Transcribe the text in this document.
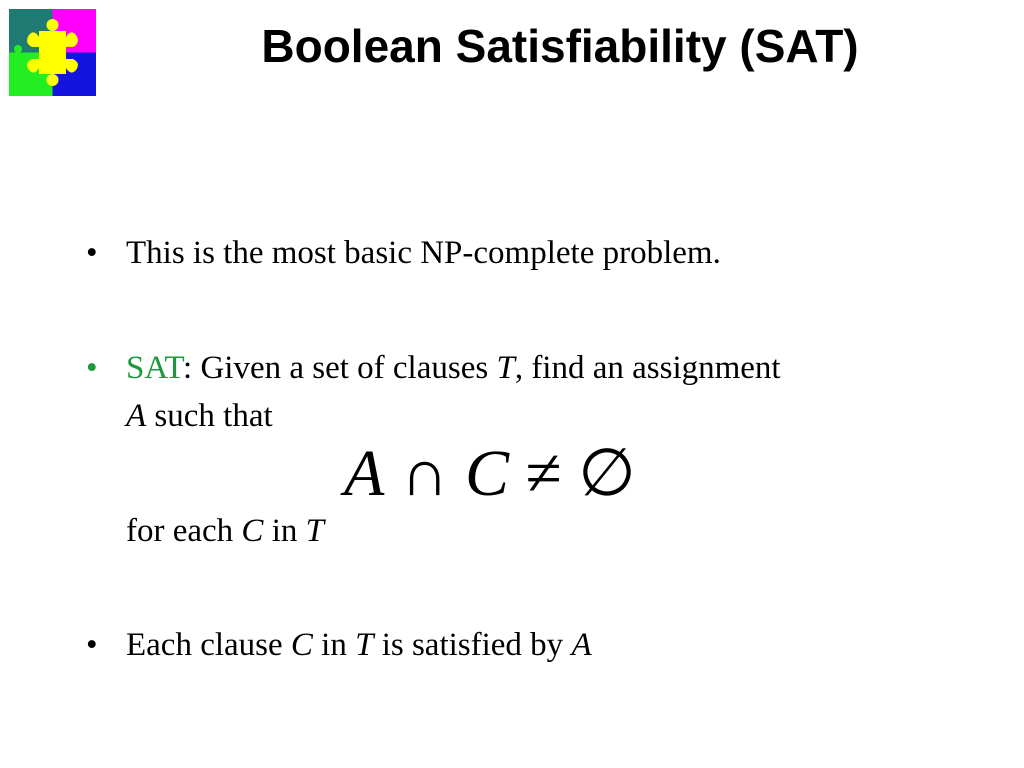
Boolean Satisfiability (SAT)
• This is the most basic NP-complete problem.
• SAT: Given a set of clauses T, find an assignment
A such that
A ∩ C ≠ ∅
for each C in T
• Each clause C in T is satisfied by A
